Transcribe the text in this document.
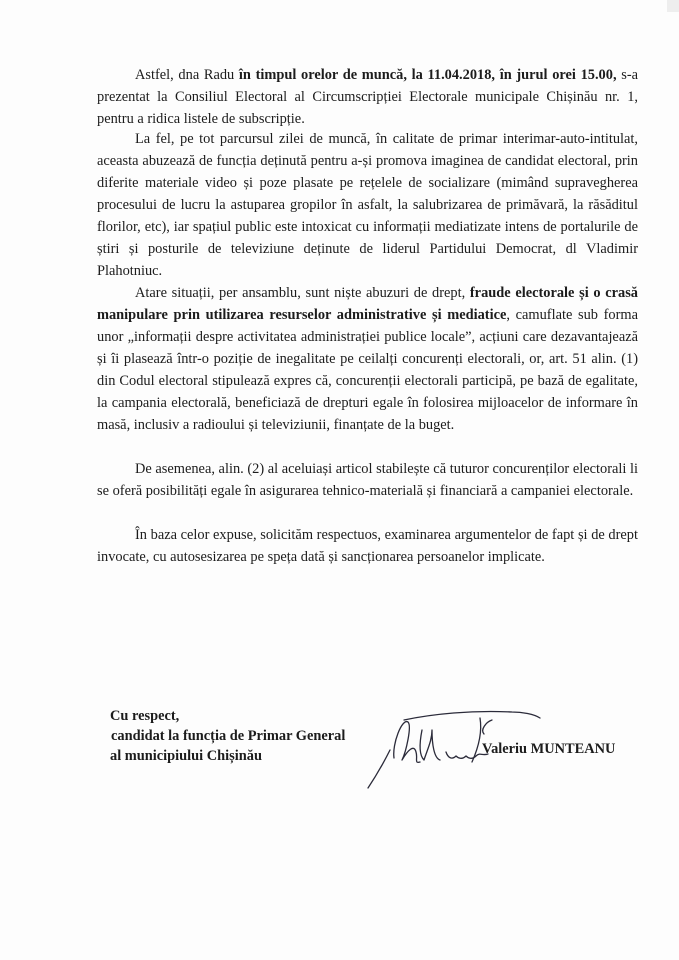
Astfel, dna Radu în timpul orelor de muncă, la 11.04.2018, în jurul orei 15.00, s-a prezentat la Consiliul Electoral al Circumscripției Electorale municipale Chișinău nr. 1, pentru a ridica listele de subscripție.

La fel, pe tot parcursul zilei de muncă, în calitate de primar interimar-auto-intitulat, aceasta abuzează de funcția deținută pentru a-și promova imaginea de candidat electoral, prin diferite materiale video și poze plasate pe rețelele de socializare (mimând supravegherea procesului de lucru la astuparea gropilor în asfalt, la salubrizarea de primăvară, la răsăditul florilor, etc), iar spațiul public este intoxicat cu informații mediatizate intens de portalurile de știri și posturile de televiziune deținute de liderul Partidului Democrat, dl Vladimir Plahotniuc.

Atare situații, per ansamblu, sunt niște abuzuri de drept, fraude electorale și o crasă manipulare prin utilizarea resurselor administrative și mediatice, camuflate sub forma unor „informații despre activitatea administrației publice locale”, acțiuni care dezavantajează și îi plasează într-o poziție de inegalitate pe ceilalți concurenți electorali, or, art. 51 alin. (1) din Codul electoral stipulează expres că, concurenții electorali participă, pe bază de egalitate, la campania electorală, beneficiază de drepturi egale în folosirea mijloacelor de informare în masă, inclusiv a radioului și televiziunii, finanțate de la buget.

De asemenea, alin. (2) al aceluiași articol stabilește că tuturor concurenților electorali li se oferă posibilități egale în asigurarea tehnico-materială și financiară a campaniei electorale.

În baza celor expuse, solicităm respectuos, examinarea argumentelor de fapt și de drept invocate, cu autosesizarea pe speța dată și sancționarea persoanelor implicate.

Cu respect,
candidat la funcția de Primar General
al municipiului Chișinău	Valeriu MUNTEANU
